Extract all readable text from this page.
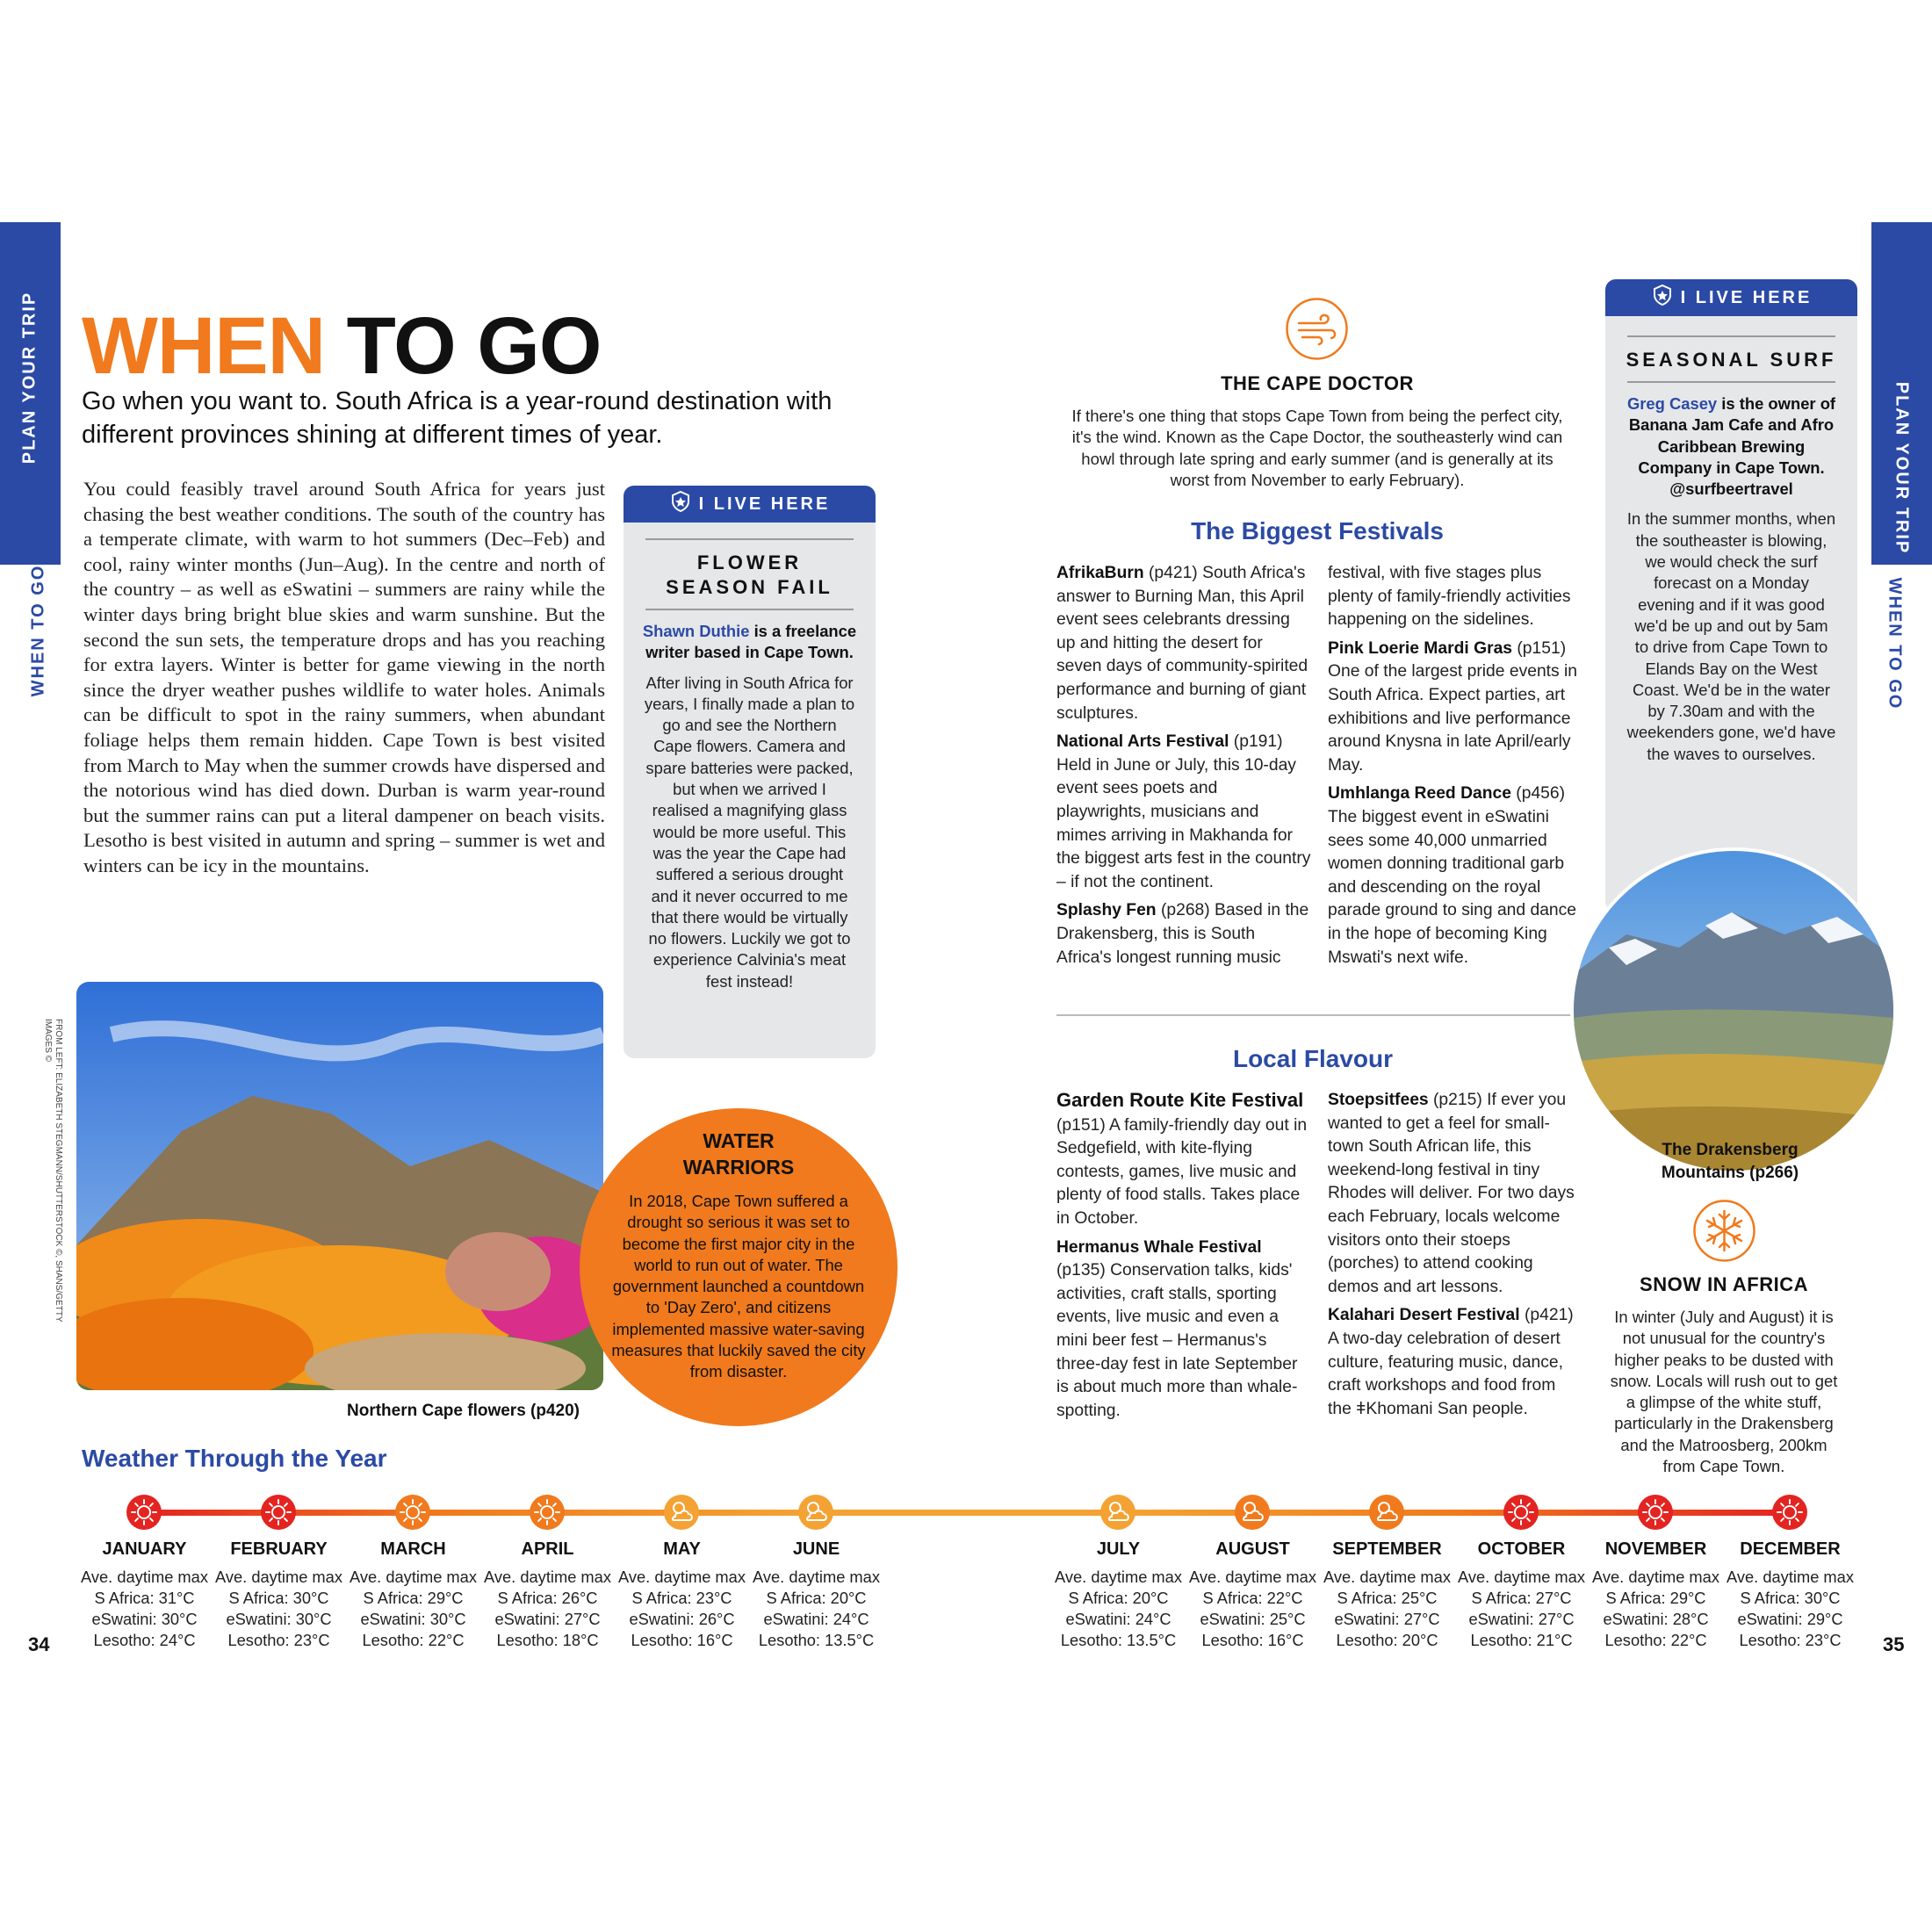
PLAN YOUR TRIP
WHEN TO GO
PLAN YOUR TRIP
WHEN TO GO
WHEN TO GO
Go when you want to. South Africa is a year-round destination with different provinces shining at different times of year.
You could feasibly travel around South Africa for years just chasing the best weather conditions. The south of the country has a temperate climate, with warm to hot summers (Dec–Feb) and cool, rainy winter months (Jun–Aug). In the centre and north of the country – as well as eSwatini – summers are rainy while the winter days bring bright blue skies and warm sunshine. But the second the sun sets, the temperature drops and has you reaching for extra layers. Winter is better for game viewing in the north since the dryer weather pushes wildlife to water holes. Animals can be difficult to spot in the rainy summers, when abundant foliage helps them remain hidden. Cape Town is best visited from March to May when the summer crowds have dispersed and the notorious wind has died down. Durban is warm year-round but the summer rains can put a literal dampener on beach visits. Lesotho is best visited in autumn and spring – summer is wet and winters can be icy in the mountains.
I LIVE HERE
FLOWER
SEASON FAIL
Shawn Duthie is a freelance writer based in Cape Town.
After living in South Africa for years, I finally made a plan to go and see the Northern Cape flowers. Camera and spare batteries were packed, but when we arrived I realised a magnifying glass would be more useful. This was the year the Cape had suffered a serious drought and it never occurred to me that there would be virtually no flowers. Luckily we got to experience Calvinia's meat fest instead!
FROM LEFT: ELIZABETH STEGMANN/SHUTTERSTOCK ©, SHANS/GETTY IMAGES ©
Northern Cape flowers (p420)
WATER
WARRIORS
In 2018, Cape Town suffered a drought so serious it was set to become the first major city in the world to run out of water. The government launched a countdown to 'Day Zero', and citizens implemented massive water-saving measures that luckily saved the city from disaster.
THE CAPE DOCTOR
If there's one thing that stops Cape Town from being the perfect city, it's the wind. Known as the Cape Doctor, the southeasterly wind can howl through late spring and early summer (and is generally at its worst from November to early February).
The Biggest Festivals

AfrikaBurn (p421) South Africa's answer to Burning Man, this April event sees celebrants dressing up and hitting the desert for seven days of community-spirited performance and burning of giant sculptures.

National Arts Festival (p191) Held in June or July, this 10-day event sees poets and playwrights, musicians and mimes arriving in Makhanda for the biggest arts fest in the country – if not the continent.

Splashy Fen (p268) Based in the Drakensberg, this is South Africa's longest running music

festival, with five stages plus plenty of family-friendly activities happening on the sidelines.

Pink Loerie Mardi Gras (p151) One of the largest pride events in South Africa. Expect parties, art exhibitions and live performance around Knysna in late April/early May.

Umhlanga Reed Dance (p456) The biggest event in eSwatini sees some 40,000 unmarried women donning traditional garb and descending on the royal parade ground to sing and dance in the hope of becoming King Mswati's next wife.

Local Flavour

Garden Route Kite Festival (p151) A family-friendly day out in Sedgefield, with kite-flying contests, games, live music and plenty of food stalls. Takes place in October.

Hermanus Whale Festival (p135) Conservation talks, kids' activities, craft stalls, sporting events, live music and even a mini beer fest – Hermanus's three-day fest in late September is about much more than whale-spotting.

Stoepsitfees (p215) If ever you wanted to get a feel for small-town South African life, this weekend-long festival in tiny Rhodes will deliver. For two days each February, locals welcome visitors onto their stoeps (porches) to attend cooking demos and art lessons.

Kalahari Desert Festival (p421) A two-day celebration of desert culture, featuring music, dance, craft workshops and food from the ǂKhomani San people.

I LIVE HERE
SEASONAL SURF
Greg Casey is the owner of Banana Jam Cafe and Afro Caribbean Brewing Company in Cape Town. @surfbeertravel
In the summer months, when the southeaster is blowing, we would check the surf forecast on a Monday evening and if it was good we'd be up and out by 5am to drive from Cape Town to Elands Bay on the West Coast. We'd be in the water by 7.30am and with the weekenders gone, we'd have the waves to ourselves.
The Drakensberg Mountains (p266)
SNOW IN AFRICA
In winter (July and August) it is not unusual for the country's higher peaks to be dusted with snow. Locals will rush out to get a glimpse of the white stuff, particularly in the Drakensberg and the Matroosberg, 200km from Cape Town.
Weather Through the Year
JANUARY
Ave. daytime max
S Africa: 31°C
eSwatini: 30°C
Lesotho: 24°C
FEBRUARY
Ave. daytime max
S Africa: 30°C
eSwatini: 30°C
Lesotho: 23°C
MARCH
Ave. daytime max
S Africa: 29°C
eSwatini: 30°C
Lesotho: 22°C
APRIL
Ave. daytime max
S Africa: 26°C
eSwatini: 27°C
Lesotho: 18°C
MAY
Ave. daytime max
S Africa: 23°C
eSwatini: 26°C
Lesotho: 16°C
JUNE
Ave. daytime max
S Africa: 20°C
eSwatini: 24°C
Lesotho: 13.5°C
JULY
Ave. daytime max
S Africa: 20°C
eSwatini: 24°C
Lesotho: 13.5°C
AUGUST
Ave. daytime max
S Africa: 22°C
eSwatini: 25°C
Lesotho: 16°C
SEPTEMBER
Ave. daytime max
S Africa: 25°C
eSwatini: 27°C
Lesotho: 20°C
OCTOBER
Ave. daytime max
S Africa: 27°C
eSwatini: 27°C
Lesotho: 21°C
NOVEMBER
Ave. daytime max
S Africa: 29°C
eSwatini: 28°C
Lesotho: 22°C
DECEMBER
Ave. daytime max
S Africa: 30°C
eSwatini: 29°C
Lesotho: 23°C
34	35
